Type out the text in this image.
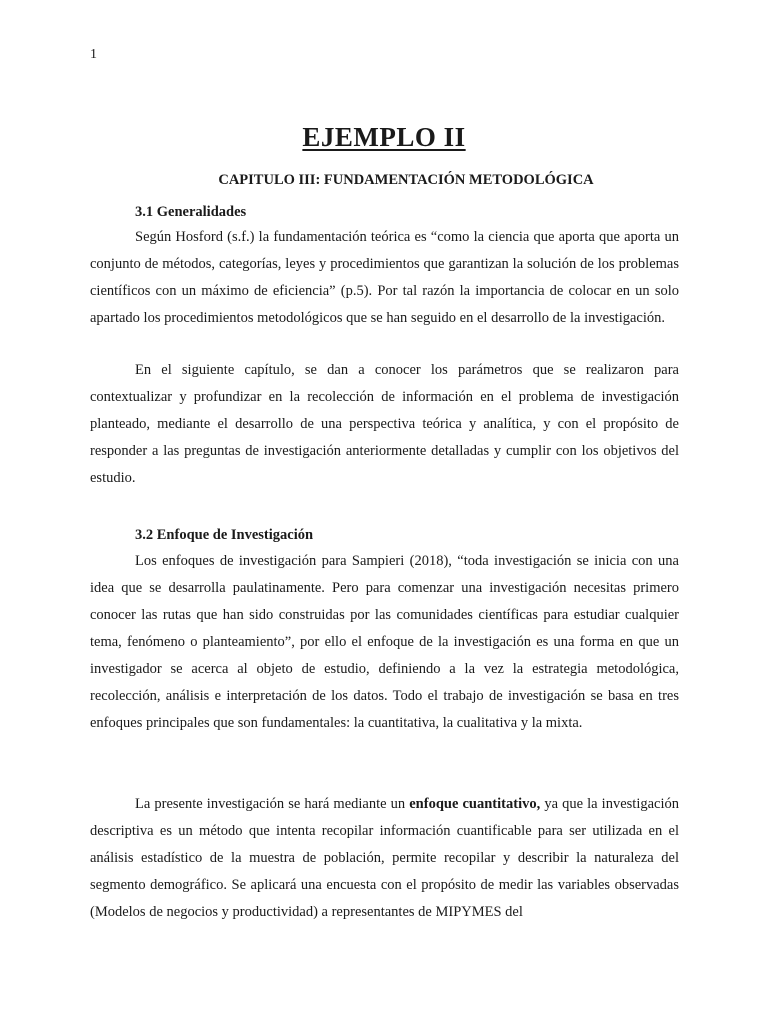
1
EJEMPLO II
CAPITULO III: FUNDAMENTACIÓN METODOLÓGICA
3.1 Generalidades

Según Hosford (s.f.) la fundamentación teórica es “como la ciencia que aporta que aporta un conjunto de métodos, categorías, leyes y procedimientos que garantizan la solución de los problemas científicos con un máximo de eficiencia” (p.5). Por tal razón la importancia de colocar en un solo apartado los procedimientos metodológicos que se han seguido en el desarrollo de la investigación.

En el siguiente capítulo, se dan a conocer los parámetros que se realizaron para contextualizar y profundizar en la recolección de información en el problema de investigación planteado, mediante el desarrollo de una perspectiva teórica y analítica, y con el propósito de responder a las preguntas de investigación anteriormente detalladas y cumplir con los objetivos del estudio.

3.2 Enfoque de Investigación

Los enfoques de investigación para Sampieri (2018), “toda investigación se inicia con una idea que se desarrolla paulatinamente. Pero para comenzar una investigación necesitas primero conocer las rutas que han sido construidas por las comunidades científicas para estudiar cualquier tema, fenómeno o planteamiento”, por ello el enfoque de la investigación es una forma en que un investigador se acerca al objeto de estudio, definiendo a la vez la estrategia metodológica, recolección, análisis e interpretación de los datos. Todo el trabajo de investigación se basa en tres enfoques principales que son fundamentales: la cuantitativa, la cualitativa y la mixta.

La presente investigación se hará mediante un enfoque cuantitativo, ya que la investigación descriptiva es un método que intenta recopilar información cuantificable para ser utilizada en el análisis estadístico de la muestra de población, permite recopilar y describir la naturaleza del segmento demográfico. Se aplicará una encuesta con el propósito de medir las variables observadas (Modelos de negocios y productividad) a representantes de MIPYMES del
